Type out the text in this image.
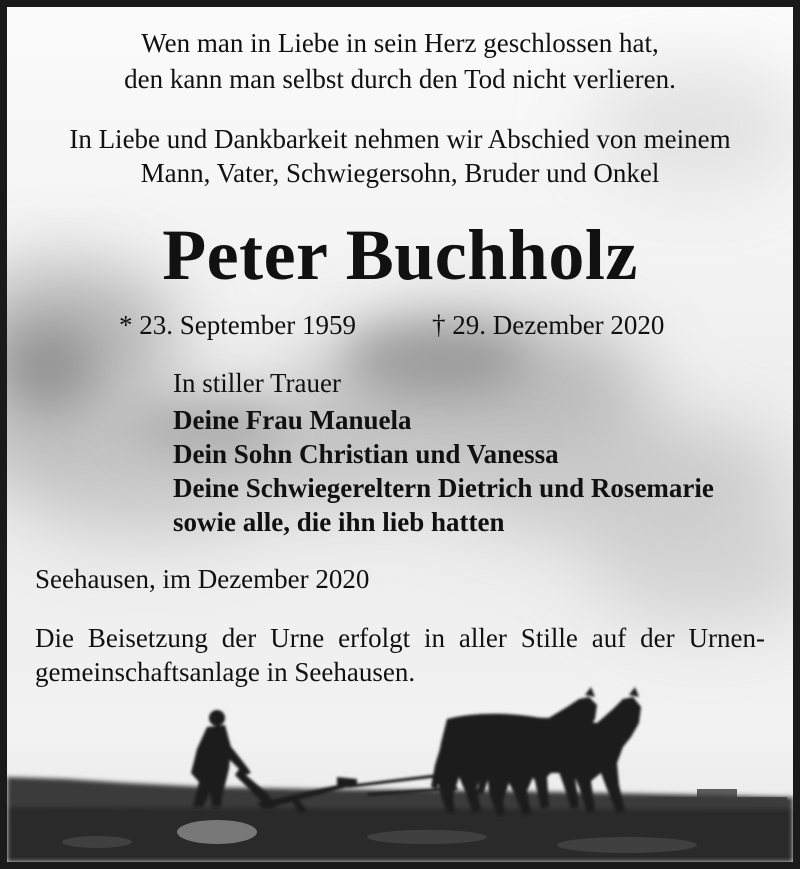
Wen man in Liebe in sein Herz geschlossen hat,

den kann man selbst durch den Tod nicht verlieren.

In Liebe und Dankbarkeit nehmen wir Abschied von meinem

Mann, Vater, Schwiegersohn, Bruder und Onkel

Peter Buchholz

* 23. September 1959	† 29. Dezember 2020

In stiller Trauer

Deine Frau Manuela
Dein Sohn Christian und Vanessa
Deine Schwiegereltern Dietrich und Rosemarie
sowie alle, die ihn lieb hatten

Seehausen, im Dezember 2020

Die Beisetzung der Urne erfolgt in aller Stille auf der Urnen-
gemeinschaftsanlage in Seehausen.
